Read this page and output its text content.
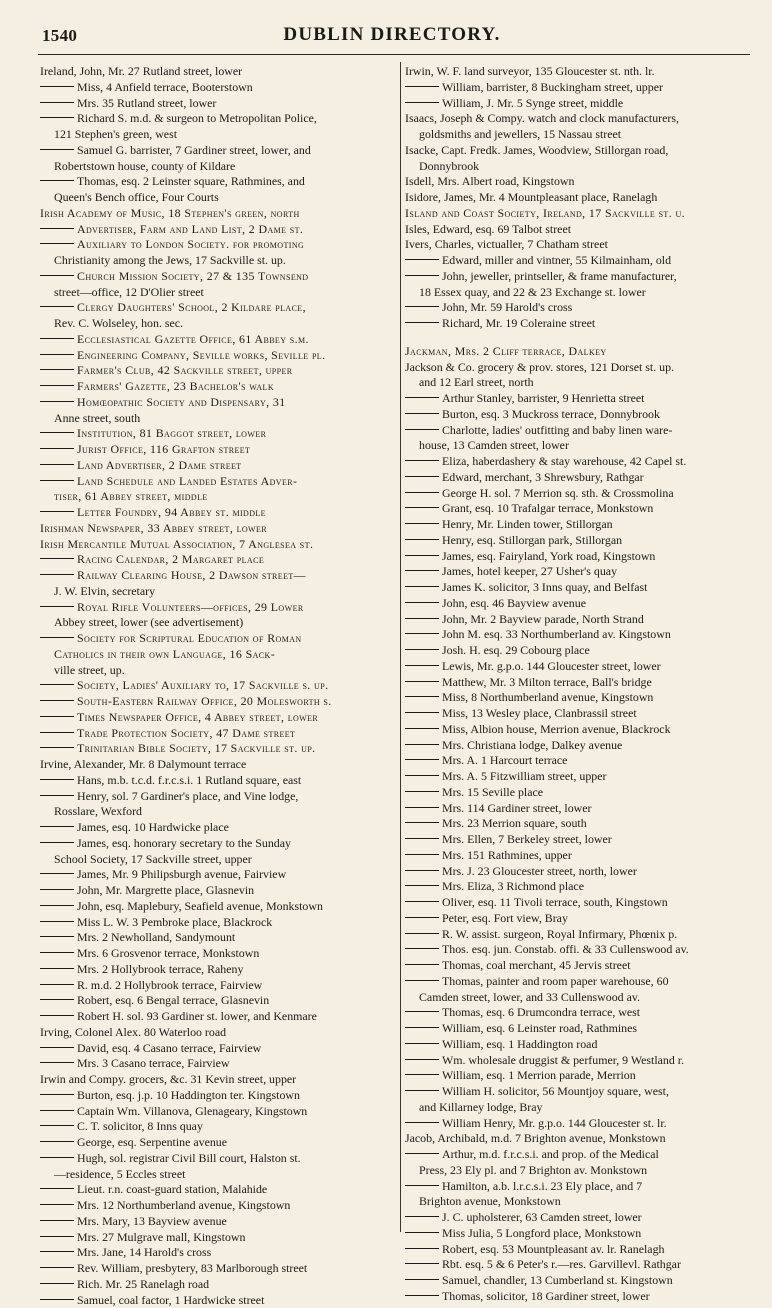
1540	DUBLIN DIRECTORY.
Ireland, John, Mr. 27 Rutland street, lower
Miss, 4 Anfield terrace, Booterstown
Mrs. 35 Rutland street, lower
Richard S. m.d. & surgeon to Metropolitan Police,
121 Stephen's green, west
Samuel G. barrister, 7 Gardiner street, lower, and
Robertstown house, county of Kildare
Thomas, esq. 2 Leinster square, Rathmines, and
Queen's Bench office, Four Courts
Irish Academy of Music, 18 Stephen's green, north
Advertiser, Farm and Land List, 2 Dame st.
Auxiliary to London Society. for promoting
Christianity among the Jews, 17 Sackville st. up.
Church Mission Society, 27 & 135 Townsend
street—office, 12 D'Olier street
Clergy Daughters' School, 2 Kildare place,
Rev. C. Wolseley, hon. sec.
Ecclesiastical Gazette Office, 61 Abbey s.m.
Engineering Company, Seville works, Seville pl.
Farmer's Club, 42 Sackville street, upper
Farmers' Gazette, 23 Bachelor's walk
Homœopathic Society and Dispensary, 31
Anne street, south
Institution, 81 Baggot street, lower
Jurist Office, 116 Grafton street
Land Advertiser, 2 Dame street
Land Schedule and Landed Estates Adver-
tiser, 61 Abbey street, middle
Letter Foundry, 94 Abbey st. middle
Irishman Newspaper, 33 Abbey street, lower
Irish Mercantile Mutual Association, 7 Anglesea st.
Racing Calendar, 2 Margaret place
Railway Clearing House, 2 Dawson street—
J. W. Elvin, secretary
Royal Rifle Volunteers—offices, 29 Lower
Abbey street, lower (see advertisement)
Society for Scriptural Education of Roman
Catholics in their own Language, 16 Sack-
ville street, up.
Society, Ladies' Auxiliary to, 17 Sackville s. up.
South-Eastern Railway Office, 20 Molesworth s.
Times Newspaper Office, 4 Abbey street, lower
Trade Protection Society, 47 Dame street
Trinitarian Bible Society, 17 Sackville st. up.
Irvine, Alexander, Mr. 8 Dalymount terrace
Hans, m.b. t.c.d. f.r.c.s.i. 1 Rutland square, east
Henry, sol. 7 Gardiner's place, and Vine lodge,
Rosslare, Wexford
James, esq. 10 Hardwicke place
James, esq. honorary secretary to the Sunday
School Society, 17 Sackville street, upper
James, Mr. 9 Philipsburgh avenue, Fairview
John, Mr. Margrette place, Glasnevin
John, esq. Maplebury, Seafield avenue, Monkstown
Miss L. W. 3 Pembroke place, Blackrock
Mrs. 2 Newholland, Sandymount
Mrs. 6 Grosvenor terrace, Monkstown
Mrs. 2 Hollybrook terrace, Raheny
R. m.d. 2 Hollybrook terrace, Fairview
Robert, esq. 6 Bengal terrace, Glasnevin
Robert H. sol. 93 Gardiner st. lower, and Kenmare
Irving, Colonel Alex. 80 Waterloo road
David, esq. 4 Casano terrace, Fairview
Mrs. 3 Casano terrace, Fairview
Irwin and Compy. grocers, &c. 31 Kevin street, upper
Burton, esq. j.p. 10 Haddington ter. Kingstown
Captain Wm. Villanova, Glenageary, Kingstown
C. T. solicitor, 8 Inns quay
George, esq. Serpentine avenue
Hugh, sol. registrar Civil Bill court, Halston st.
—residence, 5 Eccles street
Lieut. r.n. coast-guard station, Malahide
Mrs. 12 Northumberland avenue, Kingstown
Mrs. Mary, 13 Bayview avenue
Mrs. 27 Mulgrave mall, Kingstown
Mrs. Jane, 14 Harold's cross
Rev. William, presbytery, 83 Marlborough street
Rich. Mr. 25 Ranelagh road
Samuel, coal factor, 1 Hardwicke street
Irwin, W. F. land surveyor, 135 Gloucester st. nth. lr.
William, barrister, 8 Buckingham street, upper
William, J. Mr. 5 Synge street, middle
Isaacs, Joseph & Compy. watch and clock manufacturers,
goldsmiths and jewellers, 15 Nassau street
Isacke, Capt. Fredk. James, Woodview, Stillorgan road,
Donnybrook
Isdell, Mrs. Albert road, Kingstown
Isidore, James, Mr. 4 Mountpleasant place, Ranelagh
Island and Coast Society, Ireland, 17 Sackville st. u.
Isles, Edward, esq. 69 Talbot street
Ivers, Charles, victualler, 7 Chatham street
Edward, miller and vintner, 55 Kilmainham, old
John, jeweller, printseller, & frame manufacturer,
18 Essex quay, and 22 & 23 Exchange st. lower
John, Mr. 59 Harold's cross
Richard, Mr. 19 Coleraine street
Jackman, Mrs. 2 Cliff terrace, Dalkey
Jackson & Co. grocery & prov. stores, 121 Dorset st. up.
and 12 Earl street, north
Arthur Stanley, barrister, 9 Henrietta street
Burton, esq. 3 Muckross terrace, Donnybrook
Charlotte, ladies' outfitting and baby linen ware-
house, 13 Camden street, lower
Eliza, haberdashery & stay warehouse, 42 Capel st.
Edward, merchant, 3 Shrewsbury, Rathgar
George H. sol. 7 Merrion sq. sth. & Crossmolina
Grant, esq. 10 Trafalgar terrace, Monkstown
Henry, Mr. Linden tower, Stillorgan
Henry, esq. Stillorgan park, Stillorgan
James, esq. Fairyland, York road, Kingstown
James, hotel keeper, 27 Usher's quay
James K. solicitor, 3 Inns quay, and Belfast
John, esq. 46 Bayview avenue
John, Mr. 2 Bayview parade, North Strand
John M. esq. 33 Northumberland av. Kingstown
Josh. H. esq. 29 Cobourg place
Lewis, Mr. g.p.o. 144 Gloucester street, lower
Matthew, Mr. 3 Milton terrace, Ball's bridge
Miss, 8 Northumberland avenue, Kingstown
Miss, 13 Wesley place, Clanbrassil street
Miss, Albion house, Merrion avenue, Blackrock
Mrs. Christiana lodge, Dalkey avenue
Mrs. A. 1 Harcourt terrace
Mrs. A. 5 Fitzwilliam street, upper
Mrs. 15 Seville place
Mrs. 114 Gardiner street, lower
Mrs. 23 Merrion square, south
Mrs. Ellen, 7 Berkeley street, lower
Mrs. 151 Rathmines, upper
Mrs. J. 23 Gloucester street, north, lower
Mrs. Eliza, 3 Richmond place
Oliver, esq. 11 Tivoli terrace, south, Kingstown
Peter, esq. Fort view, Bray
R. W. assist. surgeon, Royal Infirmary, Phœnix p.
Thos. esq. jun. Constab. offi. & 33 Cullenswood av.
Thomas, coal merchant, 45 Jervis street
Thomas, painter and room paper warehouse, 60
Camden street, lower, and 33 Cullenswood av.
Thomas, esq. 6 Drumcondra terrace, west
William, esq. 6 Leinster road, Rathmines
William, esq. 1 Haddington road
Wm. wholesale druggist & perfumer, 9 Westland r.
William, esq. 1 Merrion parade, Merrion
William H. solicitor, 56 Mountjoy square, west,
and Killarney lodge, Bray
William Henry, Mr. g.p.o. 144 Gloucester st. lr.
Jacob, Archibald, m.d. 7 Brighton avenue, Monkstown
Arthur, m.d. f.r.c.s.i. and prop. of the Medical
Press, 23 Ely pl. and 7 Brighton av. Monkstown
Hamilton, a.b. l.r.c.s.i. 23 Ely place, and 7
Brighton avenue, Monkstown
J. C. upholsterer, 63 Camden street, lower
Miss Julia, 5 Longford place, Monkstown
Robert, esq. 53 Mountpleasant av. lr. Ranelagh
Rbt. esq. 5 & 6 Peter's r.—res. Garvillevl. Rathgar
Samuel, chandler, 13 Cumberland st. Kingstown
Thomas, solicitor, 18 Gardiner street, lower
